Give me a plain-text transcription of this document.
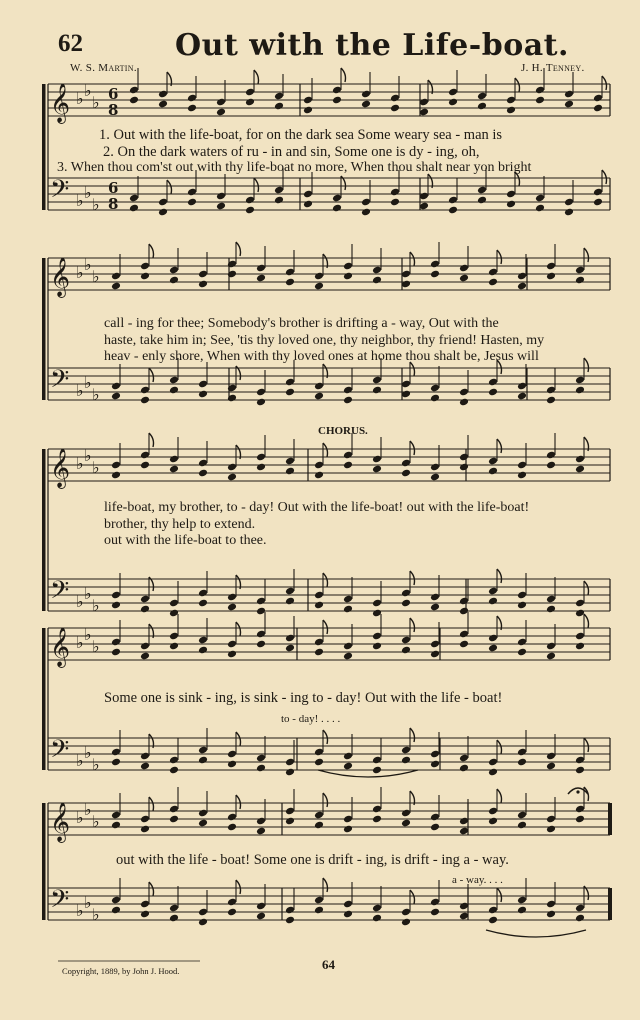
𝄞
𝄢
♭
♭
♭
♭
♭
♭
6
8
6
8
𝄞
𝄢
♭
♭
♭
♭
♭
♭
𝄞
𝄢
♭
♭
♭
♭
♭
♭
𝄞
𝄢
♭
♭
♭
♭
♭
♭
𝄞
𝄢
♭
♭
♭
♭
♭
♭
62	Out with the Life-boat.
W. S. Martin.	J. H. Tenney.
1. Out with the life-boat, for on the dark sea Some weary sea - man is
2. On the dark waters of ru - in and sin, Some one is dy - ing, oh,
3. When thou com'st out with thy life-boat no more, When thou shalt near yon bright
call - ing for thee; Somebody's brother is drifting a - way, Out with the
haste, take him in; See, 'tis thy loved one, thy neighbor, thy friend! Hasten, my
heav - enly shore, When with thy loved ones at home thou shalt be, Jesus will
CHORUS.
life-boat, my brother, to - day! Out with the life-boat! out with the life-boat!
brother, thy help to extend.
out with the life-boat to thee.
Some one is sink - ing, is sink - ing to - day! Out with the life - boat!
to - day! . . . .
out with the life - boat! Some one is drift - ing, is drift - ing a - way.
a - way. . . .
64
Copyright, 1889, by John J. Hood.
